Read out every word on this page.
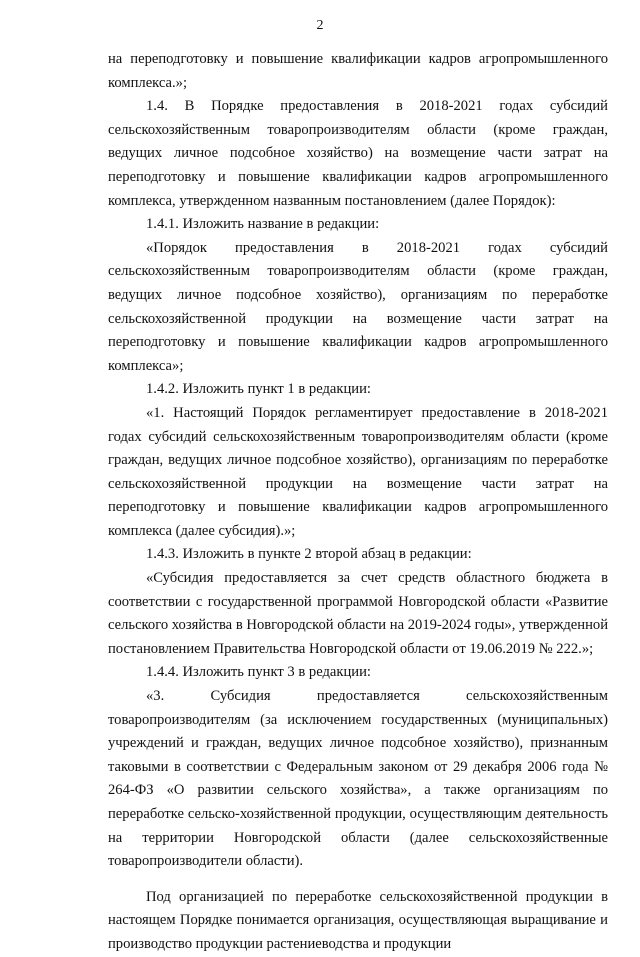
2

на переподготовку и повышение квалификации кадров агропромышленного комплекса.»;

1.4. В Порядке предоставления в 2018-2021 годах субсидий сельскохозяйственным товаропроизводителям области (кроме граждан, ведущих личное подсобное хозяйство) на возмещение части затрат на переподготовку и повышение квалификации кадров агропромышленного комплекса, утвержденном названным постановлением (далее Порядок):

1.4.1. Изложить название в редакции:

«Порядок предоставления в 2018-2021 годах субсидий сельскохозяйственным товаропроизводителям области (кроме граждан, ведущих личное подсобное хозяйство), организациям по переработке сельскохозяйственной продукции на возмещение части затрат на переподготовку и повышение квалификации кадров агропромышленного комплекса»;

1.4.2. Изложить пункт 1 в редакции:

«1. Настоящий Порядок регламентирует предоставление в 2018-2021 годах субсидий сельскохозяйственным товаропроизводителям области (кроме граждан, ведущих личное подсобное хозяйство), организациям по переработке сельскохозяйственной продукции на возмещение части затрат на переподготовку и повышение квалификации кадров агропромышленного комплекса (далее субсидия).»;

1.4.3. Изложить в пункте 2 второй абзац в редакции:

«Субсидия предоставляется за счет средств областного бюджета в соответствии с государственной программой Новгородской области «Развитие сельского хозяйства в Новгородской области на 2019-2024 годы», утвержденной постановлением Правительства Новгородской области от 19.06.2019 № 222.»;

1.4.4. Изложить пункт 3 в редакции:

«3. Субсидия предоставляется сельскохозяйственным товаропроизводителям (за исключением государственных (муниципальных) учреждений и граждан, ведущих личное подсобное хозяйство), признанным таковыми в соответствии с Федеральным законом от 29 декабря 2006 года № 264-ФЗ «О развитии сельского хозяйства», а также организациям по переработке сельско-хозяйственной продукции, осуществляющим деятельность на территории Новгородской области (далее сельскохозяйственные товаропроизводители области).

Под организацией по переработке сельскохозяйственной продукции в настоящем Порядке понимается организация, осуществляющая выращивание и производство продукции растениеводства и продукции
